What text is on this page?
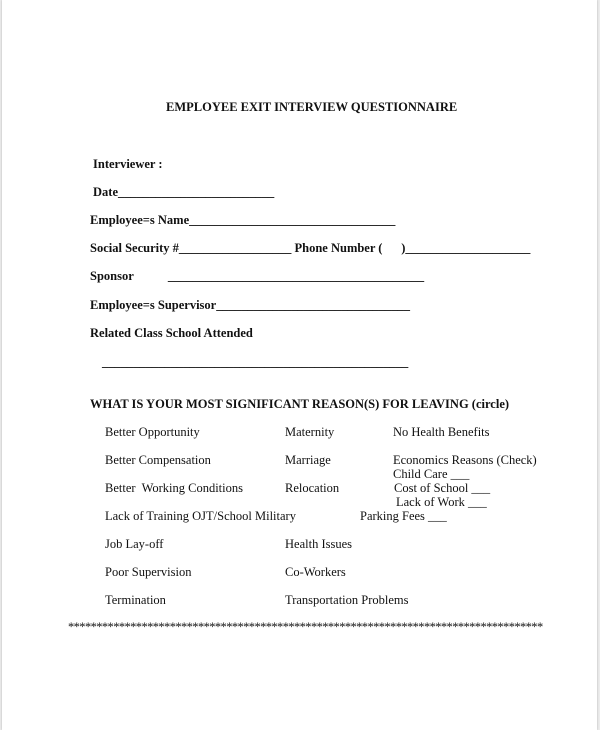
EMPLOYEE EXIT INTERVIEW QUESTIONNAIRE
Interviewer :
Date_________________________
Employee=s Name_________________________________
Social Security #__________________ Phone Number (      )____________________
Sponsor           _________________________________________
Employee=s Supervisor_______________________________
Related Class School Attended
_________________________________________________
WHAT IS YOUR MOST SIGNIFICANT REASON(S) FOR LEAVING (circle)
Better Opportunity
Better Compensation
Better  Working Conditions
Lack of Training OJT/School Military
Job Lay-off
Poor Supervision
Termination
Maternity
Marriage
Relocation
Health Issues
Co-Workers
Transportation Problems
No Health Benefits
Economics Reasons (Check)
Child Care ___
Cost of School ___
Lack of Work ___
Parking Fees ___
************************************************************************************
